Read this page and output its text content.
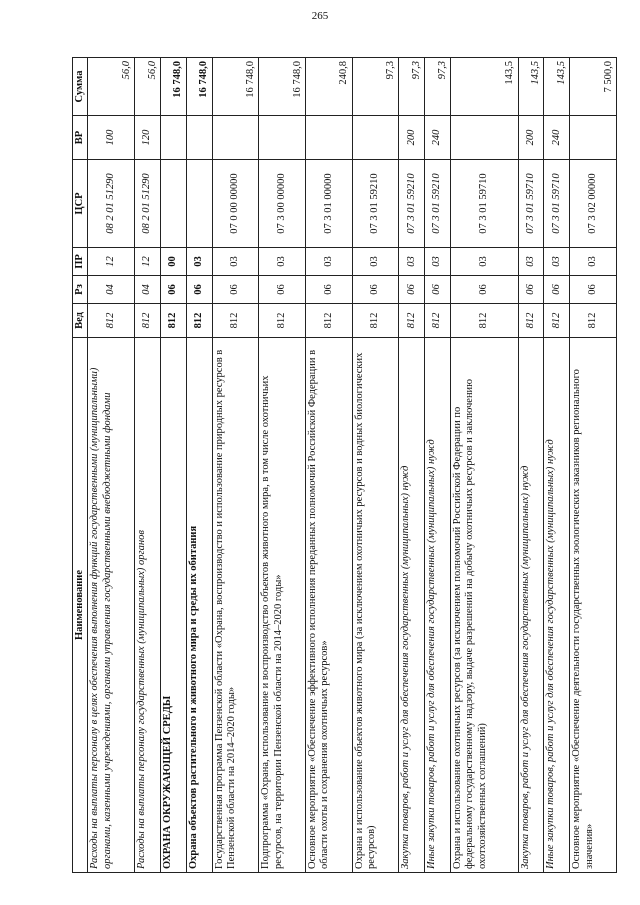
265
Наименование	Вед	Рз	ПР	ЦСР	ВР	Сумма
Расходы на выплаты персоналу в целях обеспечения выполнения функций государственными (муниципальными) органами, казенными учреждениями, органами управления государственными внебюджетными фондами	812	04	12	08 2 01 51290	100	56,0
Расходы на выплаты персоналу государственных (муниципальных) органов	812	04	12	08 2 01 51290	120	56,0
ОХРАНА ОКРУЖАЮЩЕЙ СРЕДЫ	812	06	00			16 748,0
Охрана объектов растительного и животного мира и среды их обитания	812	06	03			16 748,0
Государственная программа Пензенской области «Охрана, воспроизводство и использование природных ресурсов в Пензенской области на 2014–2020 годы»	812	06	03	07 0 00 00000		16 748,0
Подпрограмма «Охрана, использование и воспроизводство объектов животного мира, в том числе охотничьих ресурсов, на территории Пензенской области на 2014–2020 годы»	812	06	03	07 3 00 00000		16 748,0
Основное мероприятие «Обеспечение эффективного исполнения переданных полномочий Российской Федерации в области охоты и сохранения охотничьих ресурсов»	812	06	03	07 3 01 00000		240,8
Охрана и использование объектов животного мира (за исключением охотничьих ресурсов и водных биологических ресурсов)	812	06	03	07 3 01 59210		97,3
Закупка товаров, работ и услуг для обеспечения государственных (муниципальных) нужд	812	06	03	07 3 01 59210	200	97,3
Иные закупки товаров, работ и услуг для обеспечения государственных (муниципальных) нужд	812	06	03	07 3 01 59210	240	97,3
Охрана и использование охотничьих ресурсов (за исключением полномочий Российской Федерации по федеральному государственному надзору, выдаче разрешений на добычу охотничьих ресурсов и заключению охотхозяйственных соглашений)	812	06	03	07 3 01 59710		143,5
Закупка товаров, работ и услуг для обеспечения государственных (муниципальных) нужд	812	06	03	07 3 01 59710	200	143,5
Иные закупки товаров, работ и услуг для обеспечения государственных (муниципальных) нужд	812	06	03	07 3 01 59710	240	143,5
Основное мероприятие «Обеспечение деятельности государственных зоологических заказников регионального значения»	812	06	03	07 3 02 00000		7 500,0
